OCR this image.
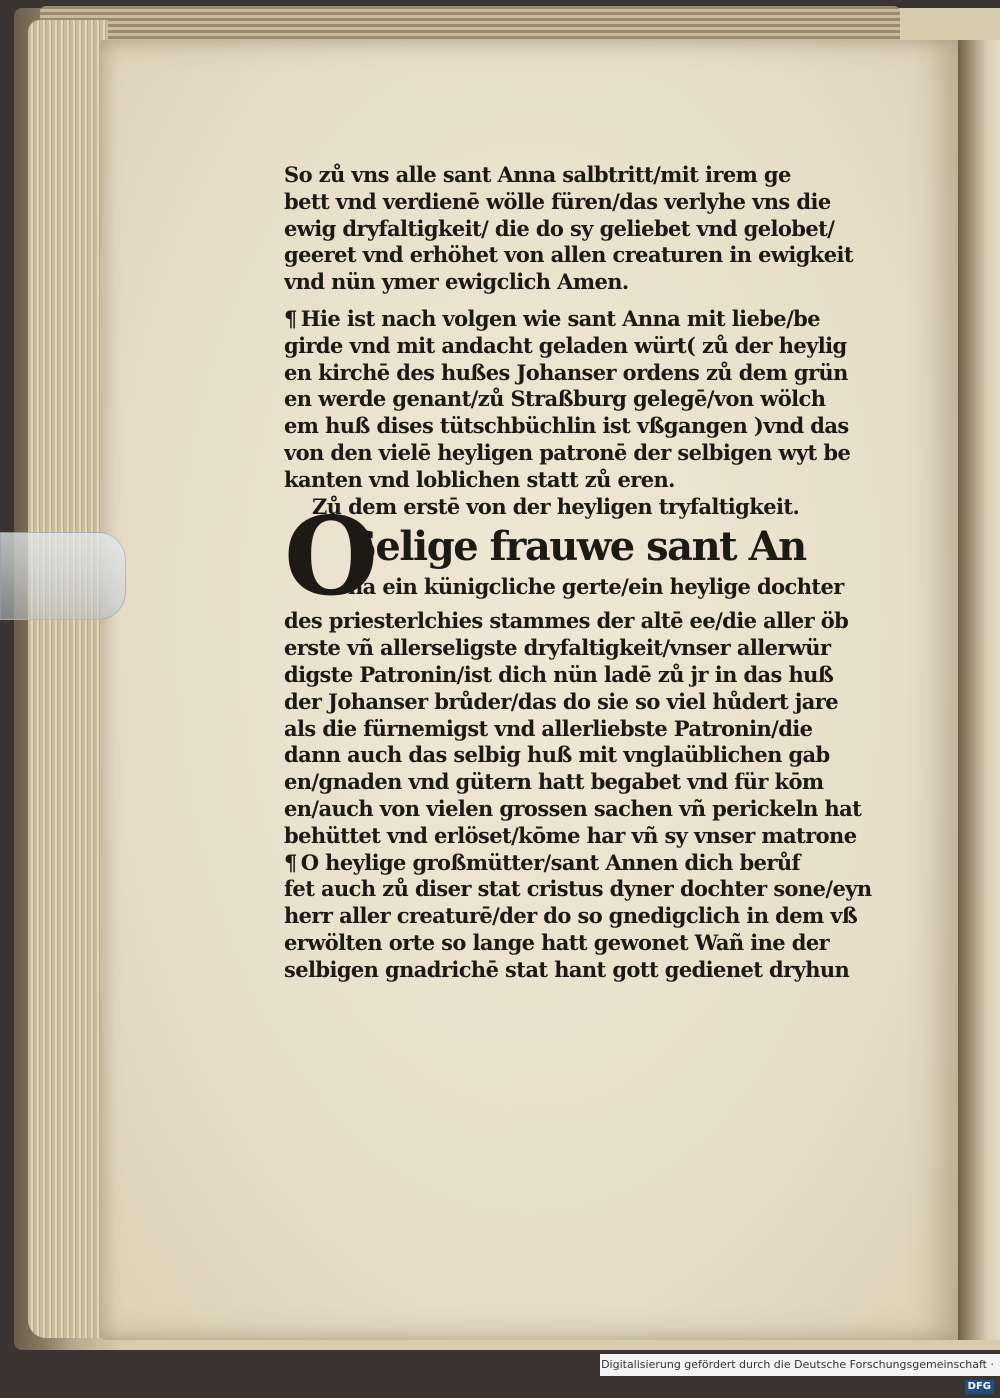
So zů vns alle sant Anna salbtritt/mit irem ge
bett vnd verdienē wölle füren/das verlyhe vns die
ewig dryfaltigkeit/ die do sy geliebet vnd gelobet/
geeret vnd erhöhet von allen creaturen in ewigkeit
vnd nün ymer ewigclich Amen.
¶ Hie ist nach volgen wie sant Anna mit liebe/be
girde vnd mit andacht geladen würt( zů der heylig
en kirchē des hußes Johanser ordens zů dem grün
en werde genant/zů Straßburg gelegē/von wölch
em huß dises tütschbüchlin ist vßgangen )vnd das
von den vielē heyligen patronē der selbigen wyt be
kanten vnd loblichen statt zů eren.
Zů dem erstē von der heyligen tryfaltigkeit.
O
Selige frauwe sant An
na ein künigcliche gerte/ein heylige dochter
des priesterlchies stammes der altē ee/die aller öb
erste vñ allerseligste dryfaltigkeit/vnser allerwür
digste Patronin/ist dich nün ladē zů jr in das huß
der Johanser brůder/das do sie so viel hůdert jare
als die fürnemigst vnd allerliebste Patronin/die
dann auch das selbig huß mit vnglaüblichen gab
en/gnaden vnd gütern hatt begabet vnd für kōm
en/auch von vielen grossen sachen vñ perickeln hat
behüttet vnd erlöset/kōme har vñ sy vnser matrone
¶ O heylige großmütter/sant Annen dich berůf
fet auch zů diser stat cristus dyner dochter sone/eyn
herr aller creaturē/der do so gnedigclich in dem vß
erwölten orte so lange hatt gewonet Wañ ine der
selbigen gnadrichē stat hant gott gedienet dryhun
Digitalisierung gefördert durch die Deutsche Forschungsgemeinschaft · DFG
